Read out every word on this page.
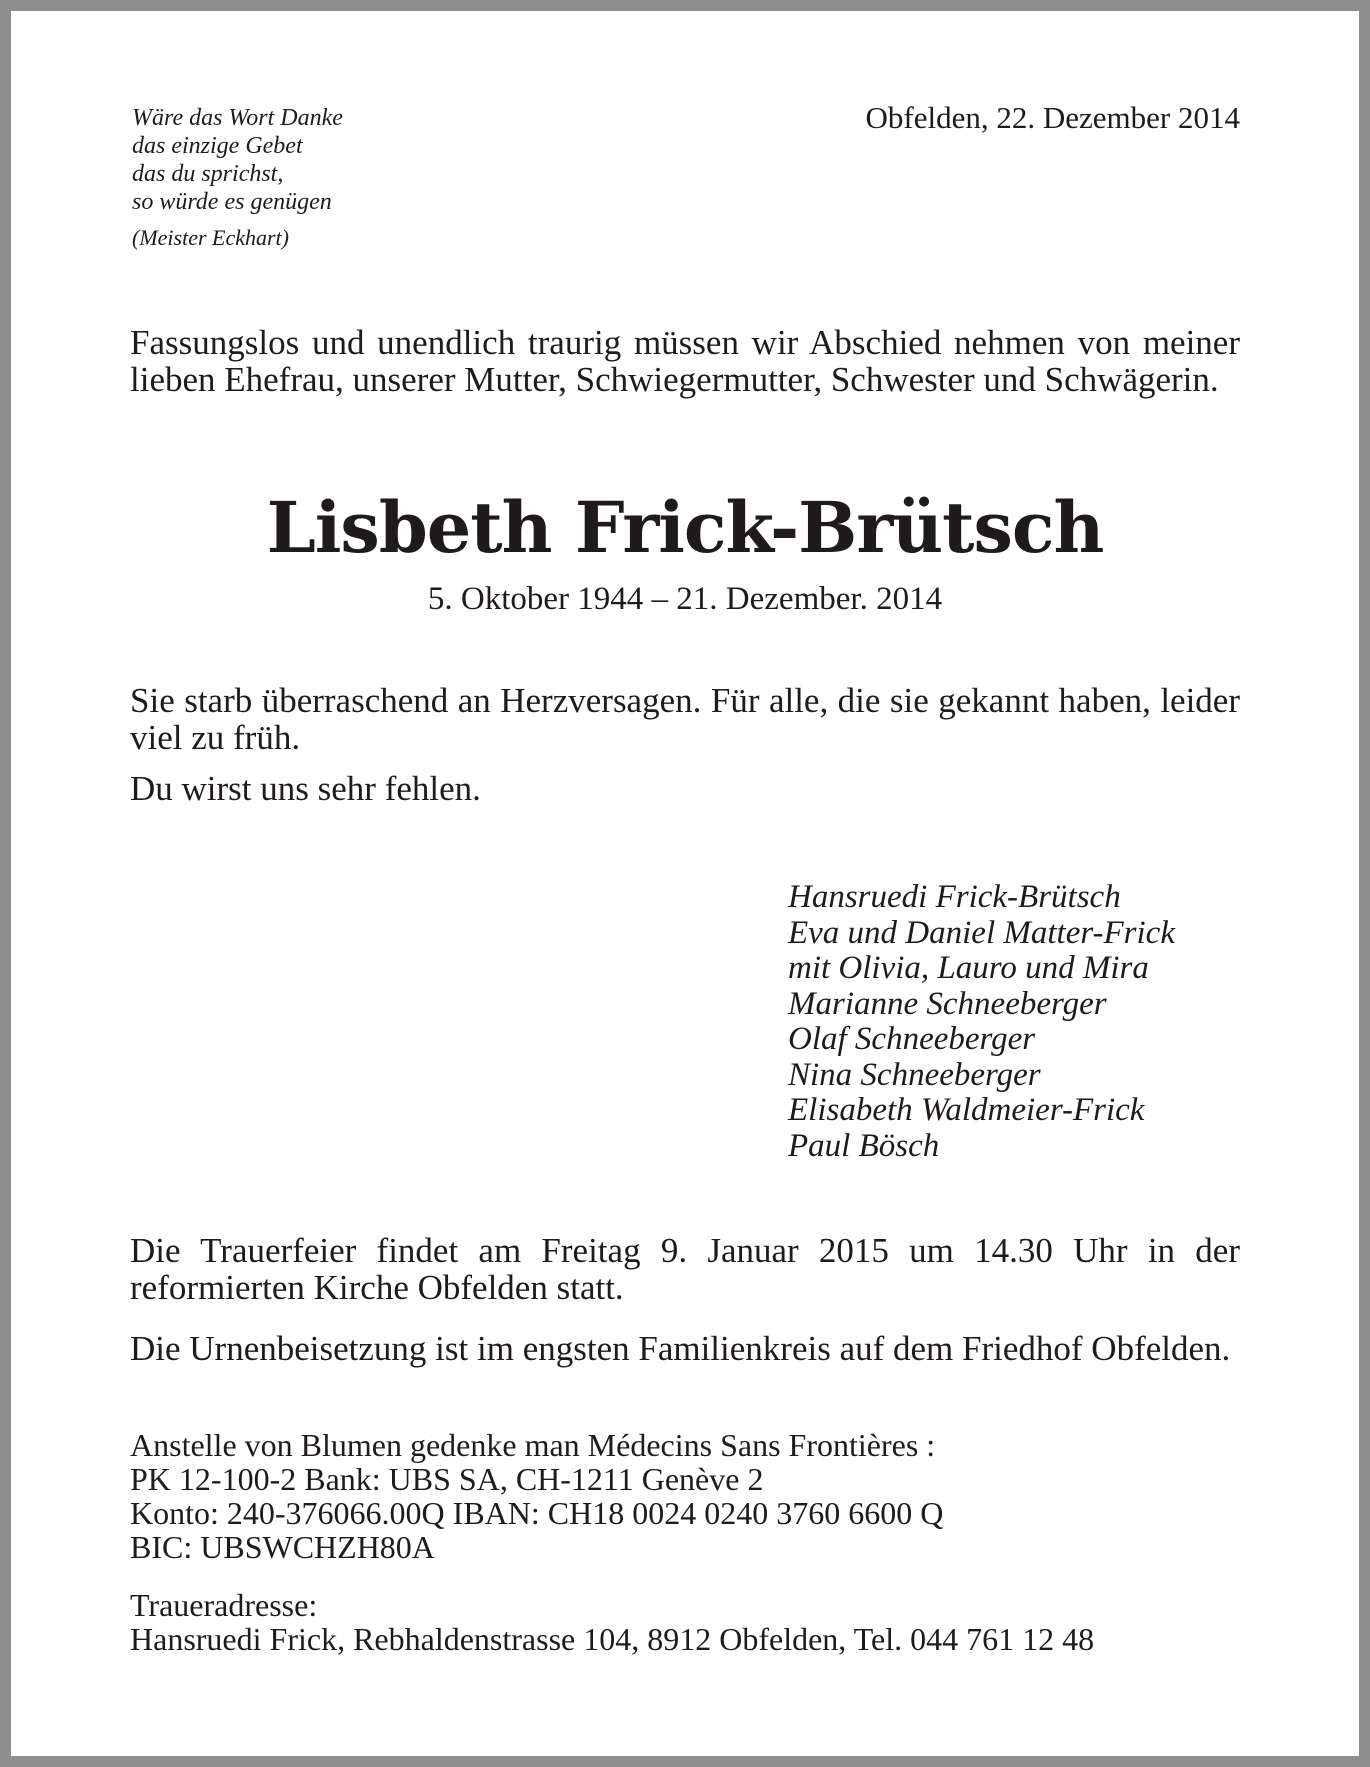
Wäre das Wort Danke
das einzige Gebet
das du sprichst,
so würde es genügen
(Meister Eckhart)
Obfelden, 22. Dezember 2014
Fassungslos und unendlich traurig müssen wir Abschied nehmen von meiner lieben Ehefrau, unserer Mutter, Schwiegermutter, Schwester und Schwägerin.
Lisbeth Frick-Brütsch
5. Oktober 1944 – 21. Dezember. 2014
Sie starb überraschend an Herzversagen. Für alle, die sie gekannt haben, leider viel zu früh.
Du wirst uns sehr fehlen.
Hansruedi Frick-Brütsch
Eva und Daniel Matter-Frick
mit Olivia, Lauro und Mira
Marianne Schneeberger
Olaf Schneeberger
Nina Schneeberger
Elisabeth Waldmeier-Frick
Paul Bösch
Die Trauerfeier findet am Freitag 9. Januar 2015 um 14.30 Uhr in der reformierten Kirche Obfelden statt.
Die Urnenbeisetzung ist im engsten Familienkreis auf dem Friedhof Obfelden.
Anstelle von Blumen gedenke man Médecins Sans Frontières :
PK 12-100-2 Bank: UBS SA, CH-1211 Genève 2
Konto: 240-376066.00Q IBAN: CH18 0024 0240 3760 6600 Q
BIC: UBSWCHZH80A
Traueradresse:
Hansruedi Frick, Rebhaldenstrasse 104, 8912 Obfelden, Tel. 044 761 12 48
